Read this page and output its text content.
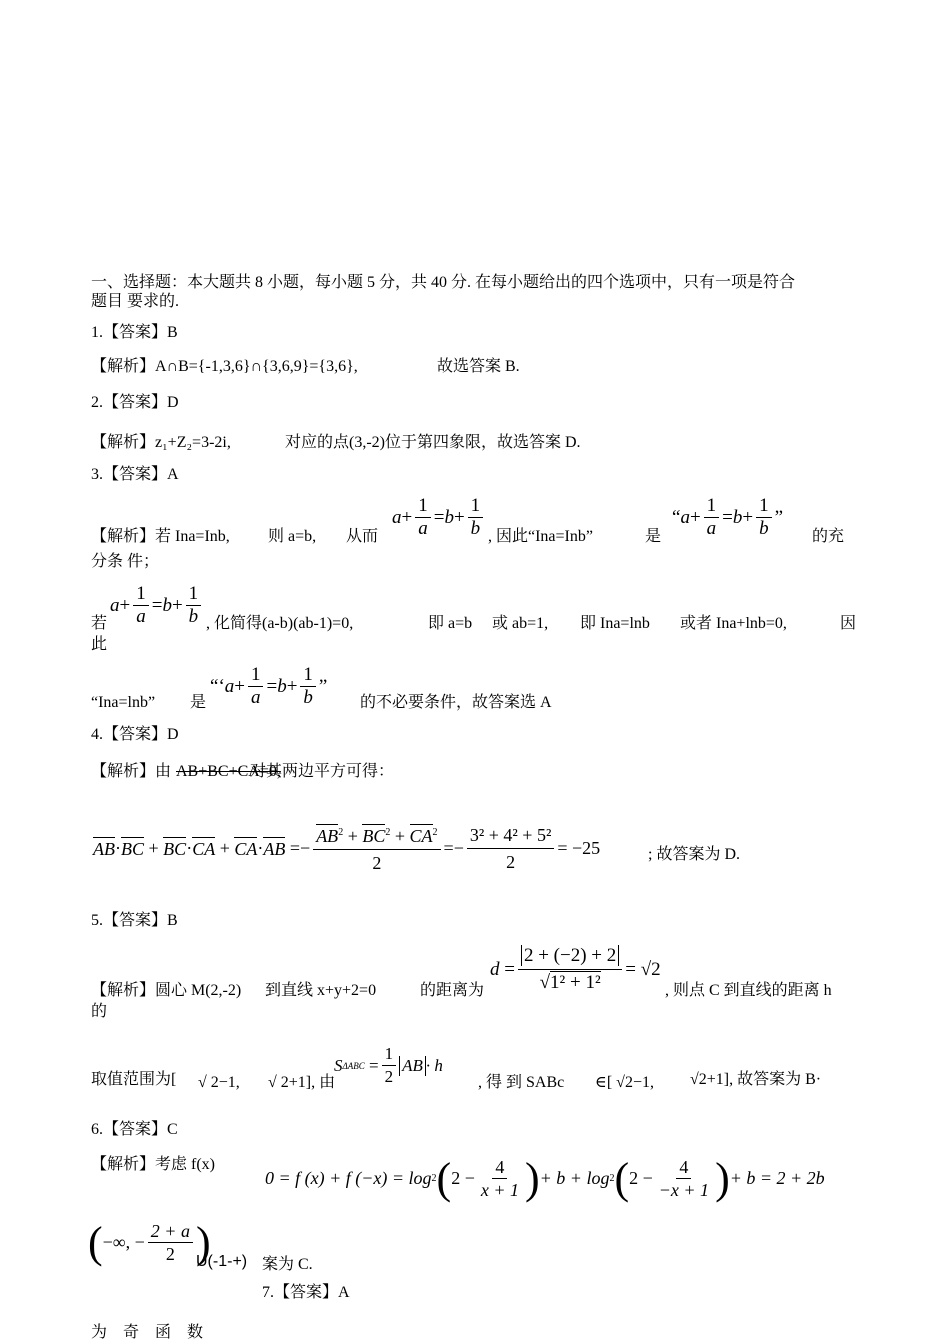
一、选择题：本大题共 8 小题，每小题 5 分，共 40 分. 在每小题给出的四个选项中，只有一项是符合
题目 要求的.
1.【答案】B
【解析】A∩B={-1,3,6}∩{3,6,9}={3,6},	故选答案 B.
2.【答案】D
【解析】z₁+Z₂=3-2i,	对应的点(3,-2)位于第四象限，故选答案 D.
3.【答案】A
【解析】若 Ina=Inb, 则 a=b, 从而
$a + \frac{1}{a} = b + \frac{1}{b}$ , 因此“Ina=Inb”	是
“ $a + \frac{1}{a} = b + \frac{1}{b}$ ”
的充
分条 件；
若
$a + \frac{1}{a} = b + \frac{1}{b}$ , 化简得(a-b)(ab-1)=0,	即 a=b 或 ab=1, 即 Ina=lnb 或者 Ina+lnb=0,	因
此
“Ina=lnb” 是
“ ‘ $a + \frac{1}{a} = b + \frac{1}{b}$ ”
的不必要条件，故答案选 A
4.【答案】D
【解析】由 AB+BC+CA=0,
对其两边平方可得：
AB · BC
+
BC · CA
+
CA · AB
= − $\frac{AB^2 + BC^2 + CA^2}{2}$ = − $\frac{\text{3² + 4² + 5²}}{2} = -25$	; 故答案为 D.
5.【答案】B
【解析】圆心 M(2,-2) 到直线 x+y+2=0	的距离为
d
= $\frac{2 + (-2) + 2}{\text{√1² + 1²}} = √2$
, 则点 C 到直线的距离 h
的
取值范围为[ √ 2−1, √ 2+1], 由
S ΔABC
= $\frac{1}{2}$ AB · h
, 得 到 SABc ∈[ √2−1, √2+1], 故答案为 B·
6.【答案】C
【解析】考虑 f(x)
0 = f (x) + f (−x) = log 2 ( $2 - \frac{4}{x + 1}$ ) + b + log 2 ( $2 - \frac{4}{-x + 1}$ ) + b = 2 + 2b
( −∞, − $\frac{2 + a}{2}$ )
U(-1-+) 案为 C.
7.【答案】A
为    奇    函    数
